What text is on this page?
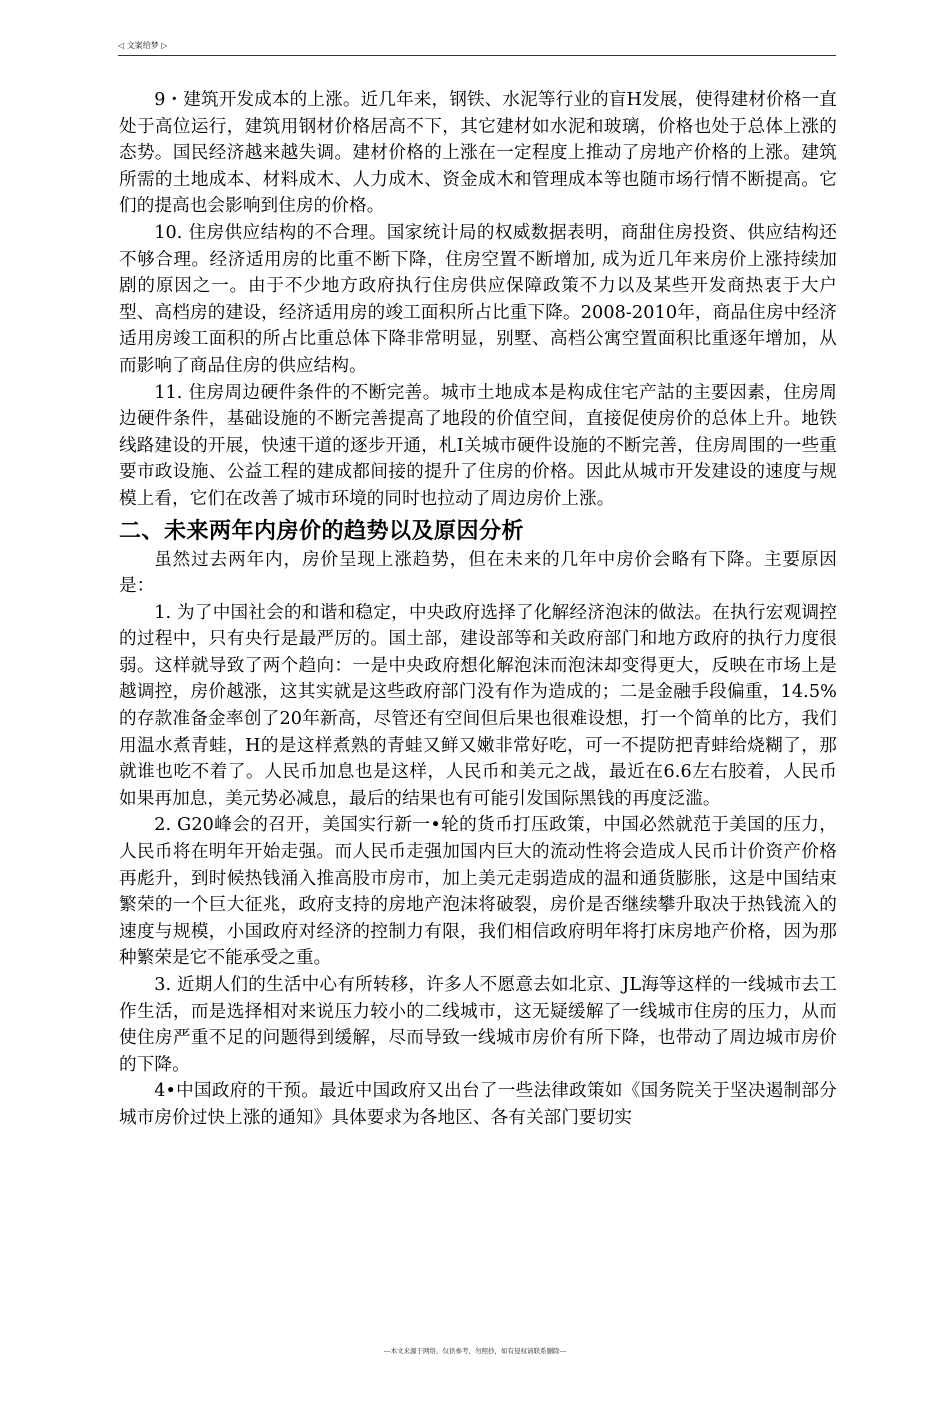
◁ 文案给梦 ▷

9・建筑开发成本的上涨。近几年来，钢铁、水泥等行业的盲H发展，使得建材价格一直处于高位运行，建筑用钢材价格居高不下，其它建材如水泥和玻璃，价格也处于总体上涨的态势。国民经济越来越失调。建材价格的上涨在一定程度上推动了房地产价格的上涨。建筑所需的土地成本、材料成木、人力成木、资金成木和管理成本等也随市场行情不断提高。它们的提高也会影响到住房的价格。

10. 住房供应结构的不合理。国家统计局的权威数据表明，商甜住房投资、供应结构还不够合理。经济适用房的比重不断下降，住房空置不断增加, 成为近几年来房价上涨持续加剧的原因之一。由于不少地方政府执行住房供应保障政策不力以及某些开发商热衷于大户型、高档房的建设，经济适用房的竣工面积所占比重下降。2008-2010年，商品住房中经济适用房竣工面积的所占比重总体下降非常明显，别墅、高档公寓空置面积比重逐年增加，从而影响了商品住房的供应结构。

11. 住房周边硬件条件的不断完善。城市土地成本是构成住宅产詁的主要因素，住房周边硬件条件，基础设施的不断完善提高了地段的价值空间，直接促使房价的总体上升。地铁线路建设的开展，快速干道的逐步开通，札I关城市硬件设施的不断完善，住房周围的一些重要市政设施、公益工程的建成都间接的提升了住房的价格。因此从城市开发建设的速度与规模上看，它们在改善了城市环境的同时也拉动了周边房价上涨。

二、未来两年内房价的趋势以及原因分析

虽然过去两年内，房价呈现上涨趋势，但在未来的几年中房价会略有下降。主要原因是：

1. 为了中国社会的和谐和稳定，中央政府选择了化解经济泡沫的做法。在执行宏观调控的过程中，只有央行是最严厉的。国土部，建设部等和关政府部门和地方政府的执行力度很弱。这样就导致了两个趋向：一是中央政府想化解泡沫而泡沫却变得更大，反映在市场上是越调控，房价越涨，这其实就是这些政府部门没有作为造成的；二是金融手段偏重，14.5%的存款准备金率创了20年新高，尽管还有空间但后果也很难设想，打一个简单的比方，我们用温水煮青蛙，H的是这样煮熟的青蛙又鲜又嫩非常好吃，可一不提防把青蚌给烧糊了，那就谁也吃不着了。人民币加息也是这样，人民币和美元之战，最近在6.6左右胶着，人民币如果再加息，美元势必减息，最后的结果也有可能引发国际黑钱的再度泛滥。

2. G20峰会的召开，美国实行新一•轮的货币打压政策，中国必然就范于美国的压力，人民币将在明年开始走强。而人民币走强加国内巨大的流动性将会造成人民币计价资产价格再彪升，到时候热钱涌入推高股市房市，加上美元走弱造成的温和通货膨胀，这是中国结束繁荣的一个巨大征兆，政府支持的房地产泡沫将破裂，房价是否继续攀升取决于热钱流入的速度与规模，小国政府对经济的控制力有限，我们相信政府明年将打床房地产价格，因为那种繁荣是它不能承受之重。

3. 近期人们的生活中心有所转移，许多人不愿意去如北京、JL海等这样的一线城市去工作生活，而是选择相对来说压力较小的二线城市，这无疑缓解了一线城市住房的压力，从而使住房严重不足的问题得到缓解，尽而导致一线城市房价有所下降，也带动了周边城市房价的下降。

4•中国政府的干预。最近中国政府又出台了一些法律政策如《国务院关于坚决遏制部分城市房价过快上涨的通知》具体要求为各地区、各有关部门要切实

---本文来源于网络，仅供参考，勿照抄，如有侵权请联系删除---
